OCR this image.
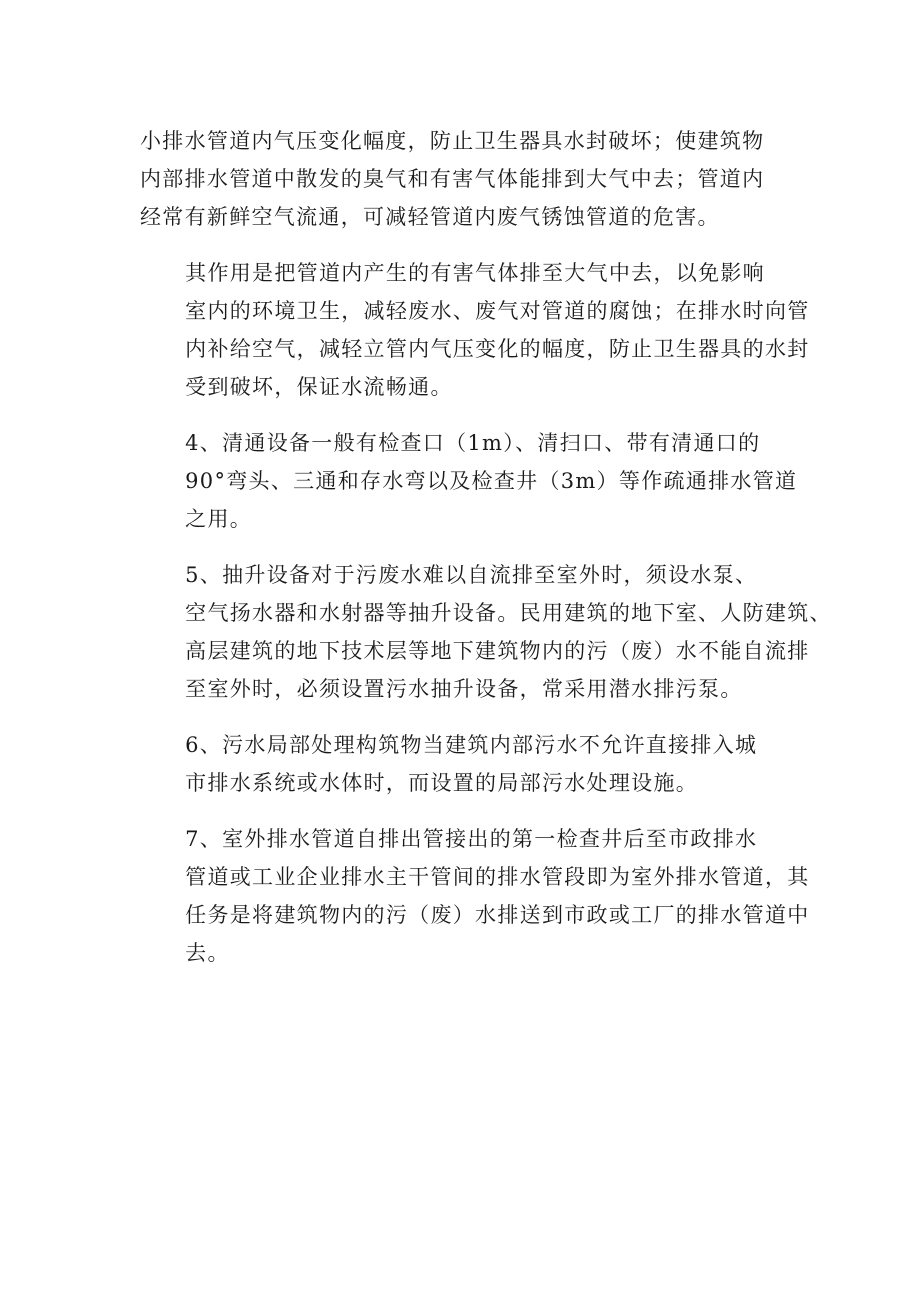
小排水管道内气压变化幅度，防止卫生器具水封破坏；使建筑物
内部排水管道中散发的臭气和有害气体能排到大气中去；管道内
经常有新鲜空气流通，可减轻管道内废气锈蚀管道的危害。

其作用是把管道内产生的有害气体排至大气中去，以免影响
室内的环境卫生，减轻废水、废气对管道的腐蚀；在排水时向管
内补给空气，减轻立管内气压变化的幅度，防止卫生器具的水封
受到破坏，保证水流畅通。

4、清通设备一般有检查口（1m）、清扫口、带有清通口的
90°弯头、三通和存水弯以及检查井（3m）等作疏通排水管道
之用。

5、抽升设备对于污废水难以自流排至室外时，须设水泵、
空气扬水器和水射器等抽升设备。民用建筑的地下室、人防建筑、
高层建筑的地下技术层等地下建筑物内的污（废）水不能自流排
至室外时，必须设置污水抽升设备，常采用潜水排污泵。

6、污水局部处理构筑物当建筑内部污水不允许直接排入城
市排水系统或水体时，而设置的局部污水处理设施。

7、室外排水管道自排出管接出的第一检查井后至市政排水
管道或工业企业排水主干管间的排水管段即为室外排水管道，其
任务是将建筑物内的污（废）水排送到市政或工厂的排水管道中
去。
